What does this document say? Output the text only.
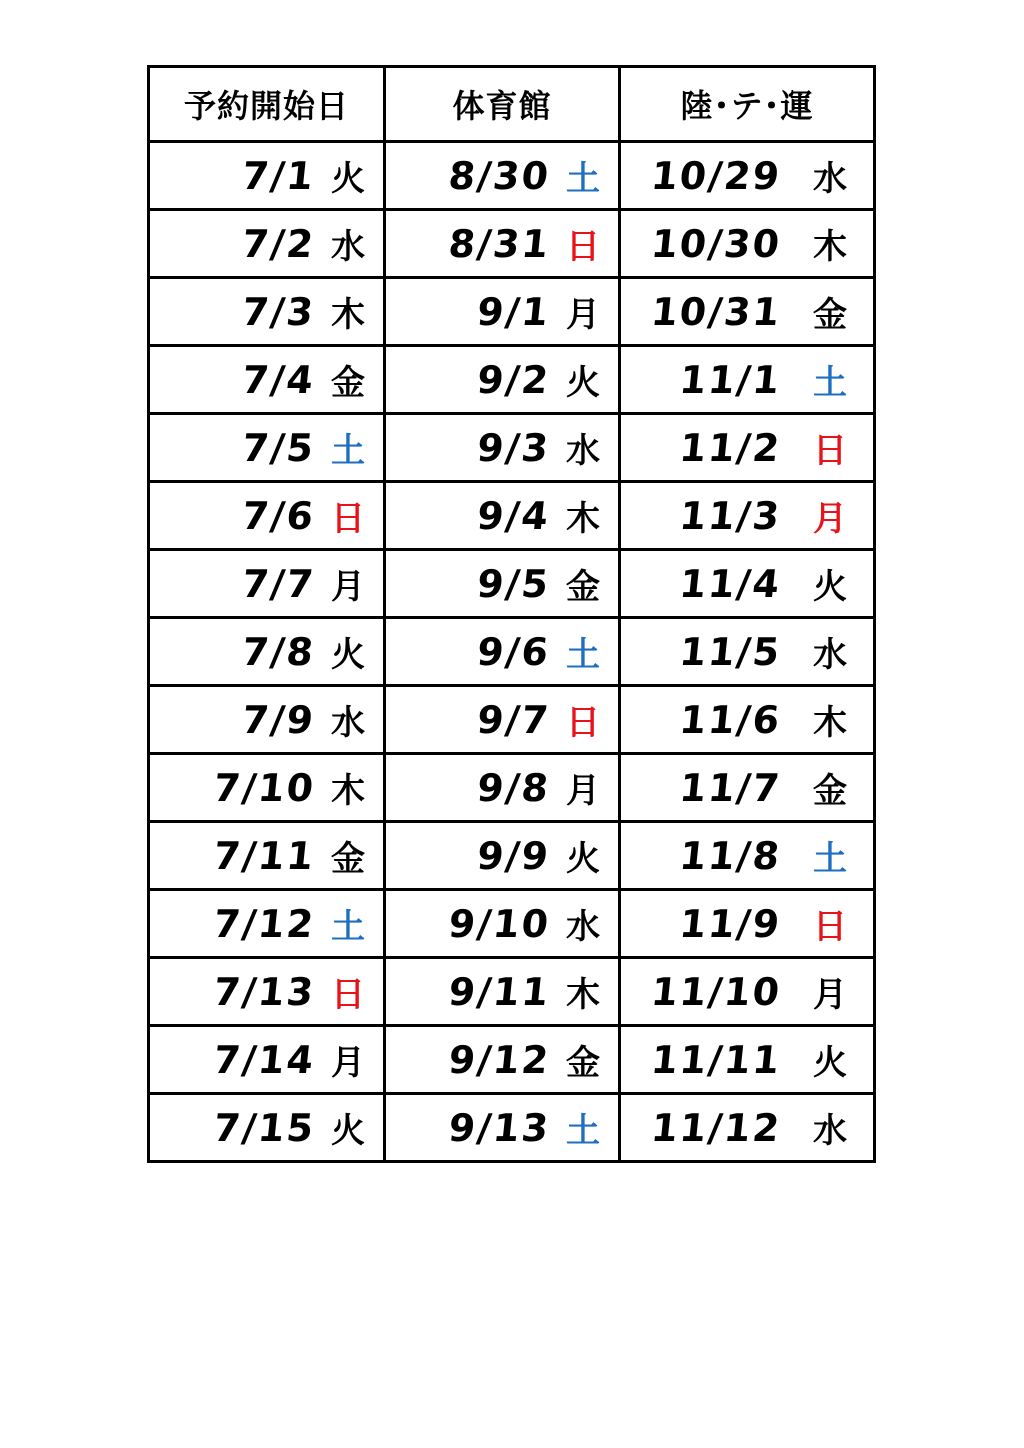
予約開始日	体育館	陸･テ･運

7/1 火	8/30 土	10/29 水

7/2 水	8/31 日	10/30 木

7/3 木	9/1 月	10/31 金

7/4 金	9/2 火	11/1 土

7/5 土	9/3 水	11/2 日

7/6 日	9/4 木	11/3 月

7/7 月	9/5 金	11/4 火

7/8 火	9/6 土	11/5 水

7/9 水	9/7 日	11/6 木

7/10 木	9/8 月	11/7 金

7/11 金	9/9 火	11/8 土

7/12 土	9/10 水	11/9 日

7/13 日	9/11 木	11/10 月

7/14 月	9/12 金	11/11 火

7/15 火	9/13 土	11/12 水
